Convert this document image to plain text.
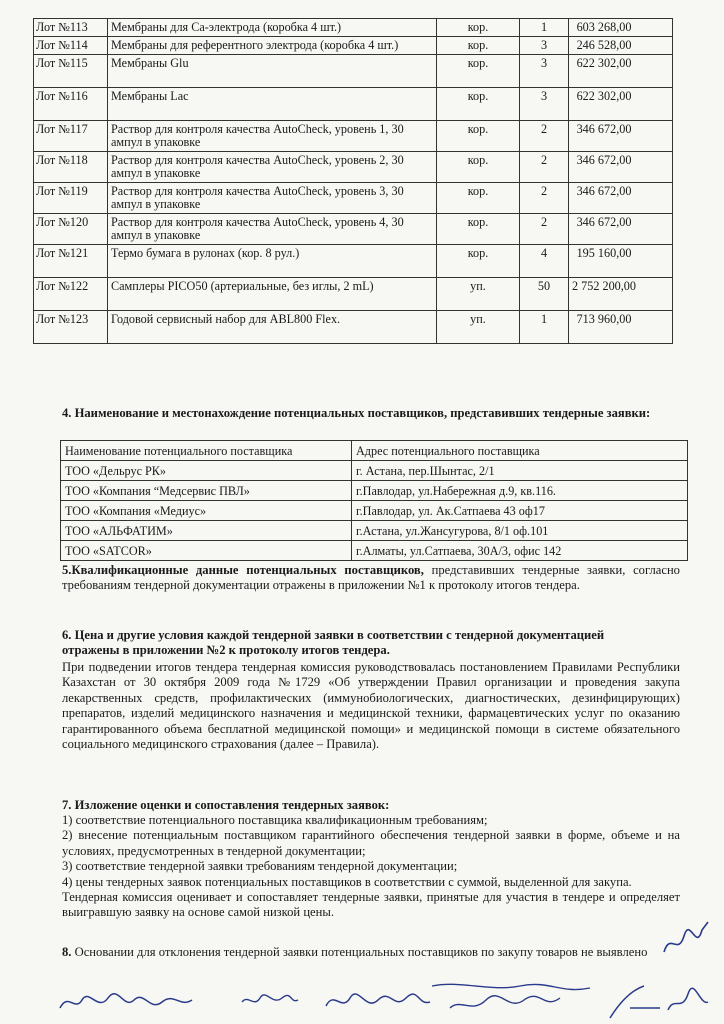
Лот №113	Мембраны для Ca-электрода (коробка 4 шт.)	кор.	1	603 268,00
Лот №114	Мембраны для референтного электрода (коробка 4 шт.)	кор.	3	246 528,00
Лот №115	Мембраны Glu	кор.	3	622 302,00
Лот №116	Мембраны Lac	кор.	3	622 302,00
Лот №117	Раствор для контроля качества AutoCheck, уровень 1, 30 ампул в упаковке	кор.	2	346 672,00
Лот №118	Раствор для контроля качества AutoCheck, уровень 2, 30 ампул в упаковке	кор.	2	346 672,00
Лот №119	Раствор для контроля качества AutoCheck, уровень 3, 30 ампул в упаковке	кор.	2	346 672,00
Лот №120	Раствор для контроля качества AutoCheck, уровень 4, 30 ампул в упаковке	кор.	2	346 672,00
Лот №121	Термо бумага в рулонах (кор. 8 рул.)	кор.	4	195 160,00
Лот №122	Самплеры PICO50 (артериальные, без иглы, 2 mL)	уп.	50	2 752 200,00
Лот №123	Годовой сервисный набор для ABL800 Flex.	уп.	1	713 960,00
4. Наименование и местонахождение потенциальных поставщиков, представивших тендерные заявки:
Наименование потенциального поставщика	Адрес потенциального поставщика
ТОО «Дельрус РК»	г. Астана, пер.Шынтас, 2/1
ТОО «Компания “Медсервис ПВЛ»	г.Павлодар, ул.Набережная д.9, кв.116.
ТОО «Компания «Медиус»	г.Павлодар, ул. Ак.Сатпаева 43 оф17
ТОО «АЛЬФАТИМ»	г.Астана, ул.Жансугурова, 8/1 оф.101
ТОО «SATCOR»	г.Алматы, ул.Сатпаева, 30А/3, офис 142
5.Квалификационные данные потенциальных поставщиков, представивших тендерные заявки, согласно требованиям тендерной документации отражены в приложении №1 к протоколу итогов тендера.
6. Цена и другие условия каждой тендерной заявки в соответствии с тендерной документацией отражены в приложении №2 к протоколу итогов тендера.
При подведении итогов тендера тендерная комиссия руководствовалась постановлением Правилами Республики Казахстан от 30 октября 2009 года №1729 «Об утверждении Правил организации и проведения закупа лекарственных средств, профилактических (иммунобиологических, диагностических, дезинфицирующих) препаратов, изделий медицинского назначения и медицинской техники, фармацевтических услуг по оказанию гарантированного объема бесплатной медицинской помощи» и медицинской помощи в системе обязательного социального медицинского страхования (далее – Правила).
7. Изложение оценки и сопоставления тендерных заявок:
1) соответствие потенциального поставщика квалификационным требованиям;
2) внесение потенциальным поставщиком гарантийного обеспечения тендерной заявки в форме, объеме и на условиях, предусмотренных в тендерной документации;
3) соответствие тендерной заявки требованиям тендерной документации;
4) цены тендерных заявок потенциальных поставщиков в соответствии с суммой, выделенной для закупа.
Тендерная комиссия оценивает и сопоставляет тендерные заявки, принятые для участия в тендере и определяет выигравшую заявку на основе самой низкой цены.
8. Основании для отклонения тендерной заявки потенциальных поставщиков по закупу товаров не выявлено
